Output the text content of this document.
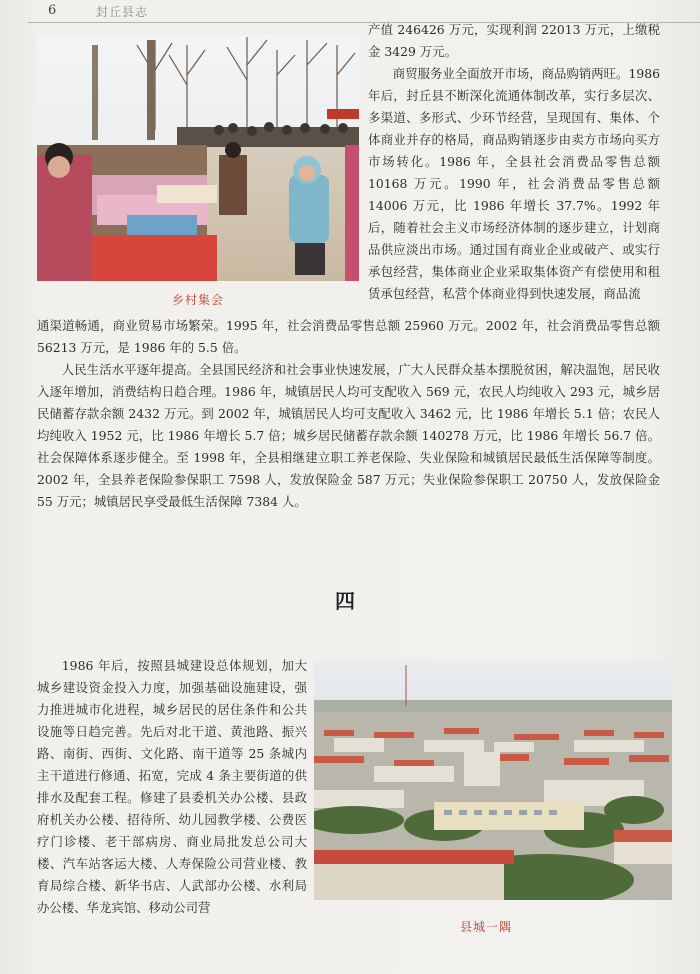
6	封丘县志
乡村集会

产值 246426 万元，实现利润 22013 万元，上缴税金 3429 万元。

商贸服务业全面放开市场，商品购销两旺。1986 年后，封丘县不断深化流通体制改革，实行多层次、多渠道、多形式、少环节经营，呈现国有、集体、个体商业并存的格局，商品购销逐步由卖方市场向买方市场转化。1986 年，全县社会消费品零售总额 10168 万元。1990 年，社会消费品零售总额 14006 万元，比 1986 年增长 37.7%。1992 年后，随着社会主义市场经济体制的逐步建立，计划商品供应淡出市场。通过国有商业企业或破产、或实行承包经营，集体商业企业采取集体资产有偿使用和租赁承包经营，私营个体商业得到快速发展，商品流

通渠道畅通，商业贸易市场繁荣。1995 年，社会消费品零售总额 25960 万元。2002 年，社会消费品零售总额 56213 万元，是 1986 年的 5.5 倍。

人民生活水平逐年提高。全县国民经济和社会事业快速发展，广大人民群众基本摆脱贫困，解决温饱，居民收入逐年增加，消费结构日趋合理。1986 年，城镇居民人均可支配收入 569 元，农民人均纯收入 293 元，城乡居民储蓄存款余额 2432 万元。到 2002 年，城镇居民人均可支配收入 3462 元，比 1986 年增长 5.1 倍；农民人均纯收入 1952 元，比 1986 年增长 5.7 倍；城乡居民储蓄存款余额 140278 万元，比 1986 年增长 56.7 倍。社会保障体系逐步健全。至 1998 年，全县相继建立职工养老保险、失业保险和城镇居民最低生活保障等制度。2002 年，全县养老保险参保职工 7598 人，发放保险金 587 万元；失业保险参保职工 20750 人，发放保险金 55 万元；城镇居民享受最低生活保障 7384 人。

四

1986 年后，按照县城建设总体规划，加大城乡建设资金投入力度，加强基础设施建设，强力推进城市化进程，城乡居民的居住条件和公共设施等日趋完善。先后对北干道、黄池路、振兴路、南街、西街、文化路、南干道等 25 条城内主干道进行修通、拓宽，完成 4 条主要街道的供排水及配套工程。修建了县委机关办公楼、县政府机关办公楼、招待所、幼儿园教学楼、公费医疗门诊楼、老干部病房、商业局批发总公司大楼、汽车站客运大楼、人寿保险公司营业楼、教育局综合楼、新华书店、人武部办公楼、水利局办公楼、华龙宾馆、移动公司营

县城一隅
